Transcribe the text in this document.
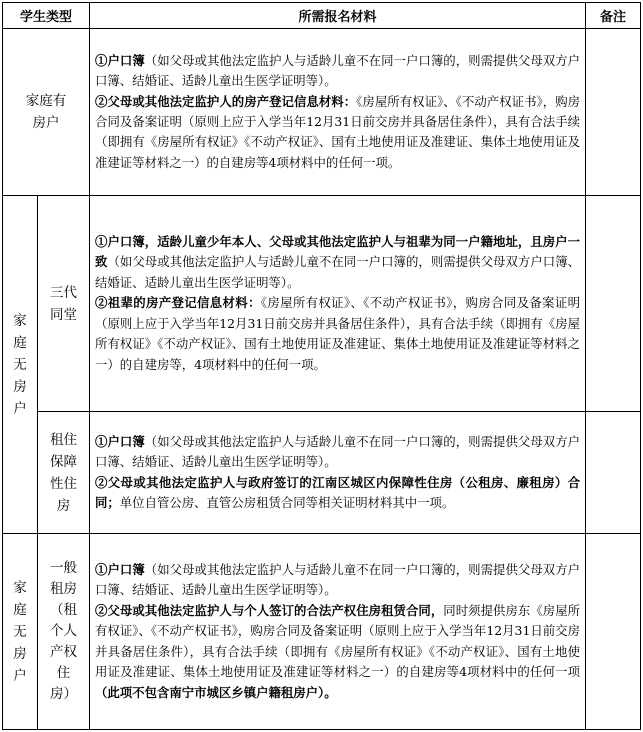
学生类型		所需报名材料	备注

家庭有房户		①户口簿（如父母或其他法定监护人与适龄儿童不在同一户口簿的，则需提供父母双方户口簿、结婚证、适龄儿童出生医学证明等）。

②父母或其他法定监护人的房产登记信息材料：《房屋所有权证》、《不动产权证书》，购房合同及备案证明（原则上应于入学当年12月31日前交房并具备居住条件），具有合法手续（即拥有《房屋所有权证》《不动产权证》、国有土地使用证及准建证、集体土地使用证及准建证等材料之一）的自建房等4项材料中的任何一项。	

家庭无房户	三代同堂	①户口簿，适龄儿童少年本人、父母或其他法定监护人与祖辈为同一户籍地址，且房户一致（如父母或其他法定监护人与适龄儿童不在同一户口簿的，则需提供父母双方户口簿、结婚证、适龄儿童出生医学证明等）。

②祖辈的房产登记信息材料：《房屋所有权证》、《不动产权证书》，购房合同及备案证明（原则上应于入学当年12月31日前交房并具备居住条件），具有合法手续（即拥有《房屋所有权证》《不动产权证》、国有土地使用证及准建证、集体土地使用证及准建证等材料之一）的自建房等，4项材料中的任何一项。	

	租住保障性住房	①户口簿（如父母或其他法定监护人与适龄儿童不在同一户口簿的，则需提供父母双方户口簿、结婚证、适龄儿童出生医学证明等）。

②父母或其他法定监护人与政府签订的江南区城区内保障性住房（公租房、廉租房）合同；单位自管公房、直管公房租赁合同等相关证明材料其中一项。	

家庭无房户	一般租房（租个人产权住房）	①户口簿（如父母或其他法定监护人与适龄儿童不在同一户口簿的，则需提供父母双方户口簿、结婚证、适龄儿童出生医学证明等）。

②父母或其他法定监护人与个人签订的合法产权住房租赁合同，同时须提供房东《房屋所有权证》、《不动产权证书》，购房合同及备案证明（原则上应于入学当年12月31日前交房并具备居住条件），具有合法手续（即拥有《房屋所有权证》《不动产权证》、国有土地使用证及准建证、集体土地使用证及准建证等材料之一）的自建房等4项材料中的任何一项（此项不包含南宁市城区乡镇户籍租房户）。	
